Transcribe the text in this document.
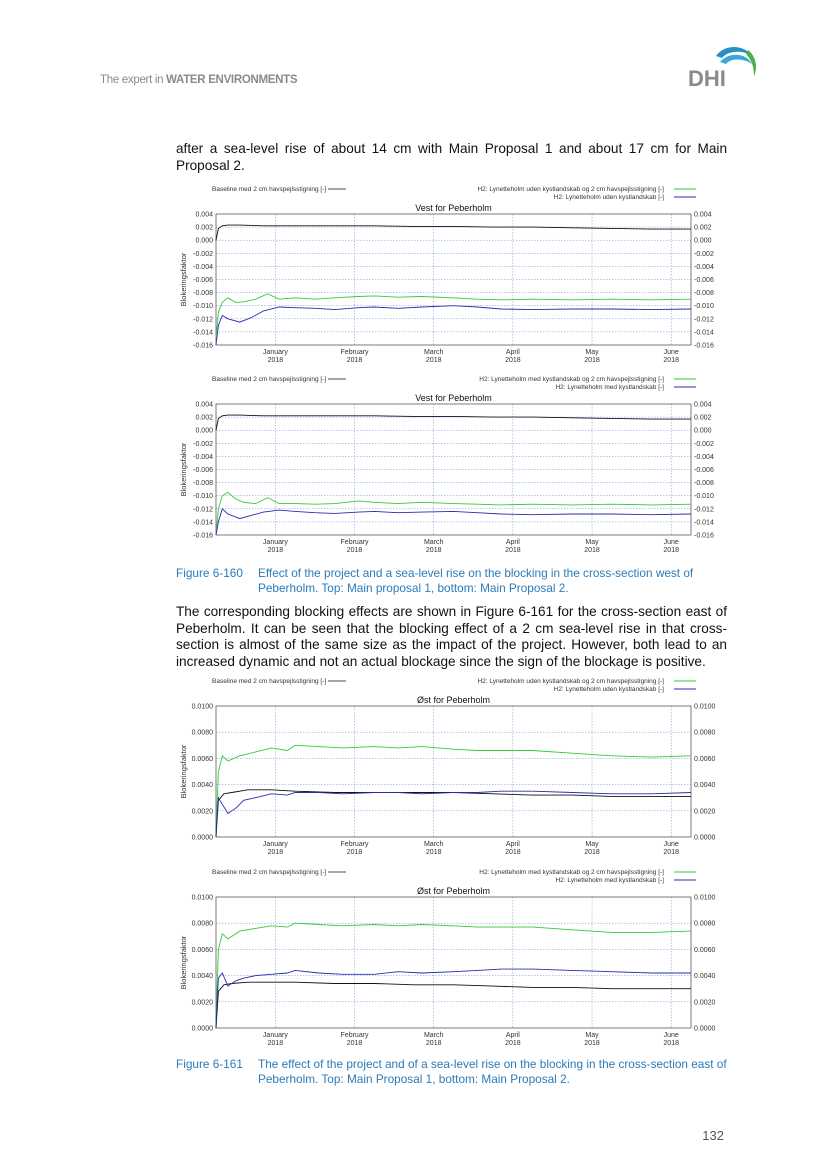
The expert in WATER ENVIRONMENTS	DHI
after a sea-level rise of about 14 cm with Main Proposal 1 and about 17 cm for Main Proposal 2.
Baseline med 2 cm havspejlsstigning [-]	H2: Lynetteholm uden kystlandskab og 2 cm havspejlsstigning [-]
H2: Lynetteholm uden kystlandskab [-]
Vest for Peberholm
0.004	0.004
0.002	0.002
0.000	0.000
-0.002	-0.002
-0.004	-0.004
-0.006	-0.006
-0.008	-0.008
-0.010	-0.010
-0.012	-0.012
-0.014	-0.014
-0.016	-0.016
January
2018
February
2018
March
2018
April
2018
May
2018
June
2018
Blokeringsfaktor
Baseline med 2 cm havspejlsstigning [-]	H2: Lynetteholm med kystlandskab og 2 cm havspejlsstigning [-]
H2: Lynetteholm med kystlandskab [-]
Vest for Peberholm
0.004	0.004
0.002	0.002
0.000	0.000
-0.002	-0.002
-0.004	-0.004
-0.006	-0.006
-0.008	-0.008
-0.010	-0.010
-0.012	-0.012
-0.014	-0.014
-0.016	-0.016
January
2018
February
2018
March
2018
April
2018
May
2018
June
2018
Blokeringsfaktor
Figure 6-160 Effect of the project and a sea-level rise on the blocking in the cross-section west of Peberholm. Top: Main proposal 1, bottom: Main Proposal 2.
The corresponding blocking effects are shown in Figure 6-161 for the cross-section east of Peberholm. It can be seen that the blocking effect of a 2 cm sea-level rise in that cross-section is almost of the same size as the impact of the project. However, both lead to an increased dynamic and not an actual blockage since the sign of the blockage is positive.
Baseline med 2 cm havspejlsstigning [-]	H2: Lynetteholm uden kystlandskab og 2 cm havspejlsstigning [-]
H2: Lynetteholm uden kystlandskab [-]
Øst for Peberholm
0.0100	0.0100
0.0080	0.0080
0.0060	0.0060
0.0040	0.0040
0.0020	0.0020
0.0000	0.0000
January
2018
February
2018
March
2018
April
2018
May
2018
June
2018
Blokeringsfaktor
Baseline med 2 cm havspejlsstigning [-]	H2: Lynetteholm med kystlandskab og 2 cm havspejlsstigning [-]
H2: Lynetteholm med kystlandskab [-]
Øst for Peberholm
0.0100	0.0100
0.0080	0.0080
0.0060	0.0060
0.0040	0.0040
0.0020	0.0020
0.0000	0.0000
January
2018
February
2018
March
2018
April
2018
May
2018
June
2018
Blokeringsfaktor
Figure 6-161 The effect of the project and of a sea-level rise on the blocking in the cross-section east of Peberholm. Top: Main Proposal 1, bottom: Main Proposal 2.
132
